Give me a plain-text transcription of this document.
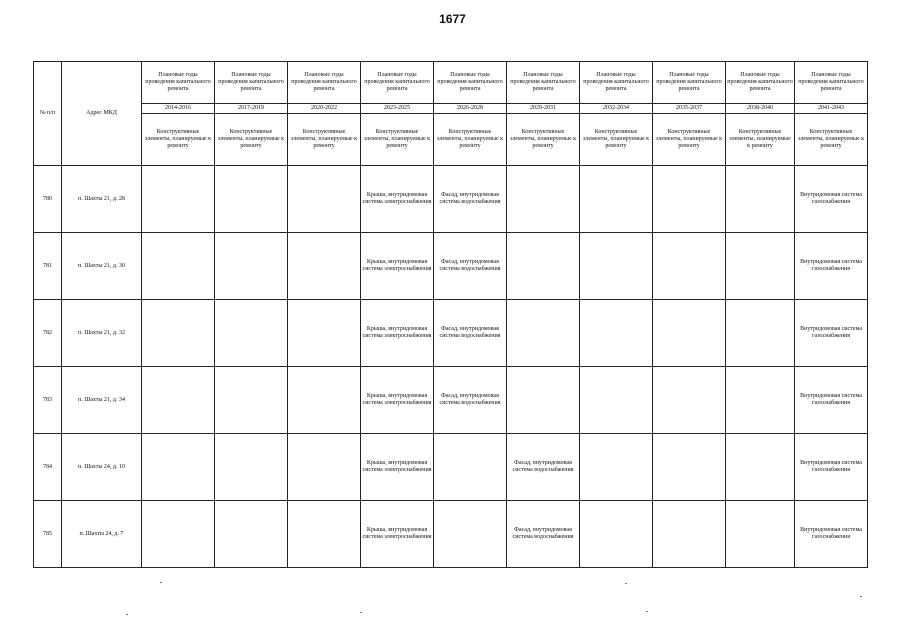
1677
№ п/п	Адрес МКД	Плановые годы проведения капитального ремонта	Плановые годы проведения капитального ремонта	Плановые годы проведения капитального ремонта	Плановые годы проведения капитального ремонта	Плановые годы проведения капитального ремонта	Плановые годы проведения капитального ремонта	Плановые годы проведения капитального ремонта	Плановые годы проведения капитального ремонта	Плановые годы проведения капитального ремонта	Плановые годы проведения капитального ремонта
		2014-2016	2017-2019	2020-2022	2023-2025	2026-2028	2029-2031	2032-2034	2035-2037	2038-2040	2041-2043
		Конструктивные элементы, планируемые к ремонту	Конструктивные элементы, планируемые к ремонту	Конструктивные элементы, планируемые к ремонту	Конструктивные элементы, планируемые к ремонту	Конструктивные элементы, планируемые к ремонту	Конструктивные элементы, планируемые к ремонту	Конструктивные элементы, планируемые к ремонту	Конструктивные элементы, планируемые к ремонту	Конструктивные элементы, планируемые к ремонту	Конструктивные элементы, планируемые к ремонту
780	п. Шахты 21, д. 28				Крыша, внутридомовая система электроснабжения	Фасад, внутридомовая система водоснабжения					Внутридомовая система газоснабжения
781	п. Шахты 21, д. 30				Крыша, внутридомовая система электроснабжения	Фасад, внутридомовая система водоснабжения					Внутридомовая система газоснабжения
782	п. Шахты 21, д. 32				Крыша, внутридомовая система электроснабжения	Фасад, внутридомовая система водоснабжения					Внутридомовая система газоснабжения
783	п. Шахты 21, д. 34				Крыша, внутридомовая система электроснабжения	Фасад, внутридомовая система водоснабжения					Внутридомовая система газоснабжения
784	п. Шахты 24, д. 10				Крыша, внутридомовая система электроснабжения		Фасад, внутридомовая система водоснабжения				Внутридомовая система газоснабжения
785	п. Шахты 24, д. 7				Крыша, внутридомовая система электроснабжения		Фасад, внутридомовая система водоснабжения				Внутридомовая система газоснабжения
